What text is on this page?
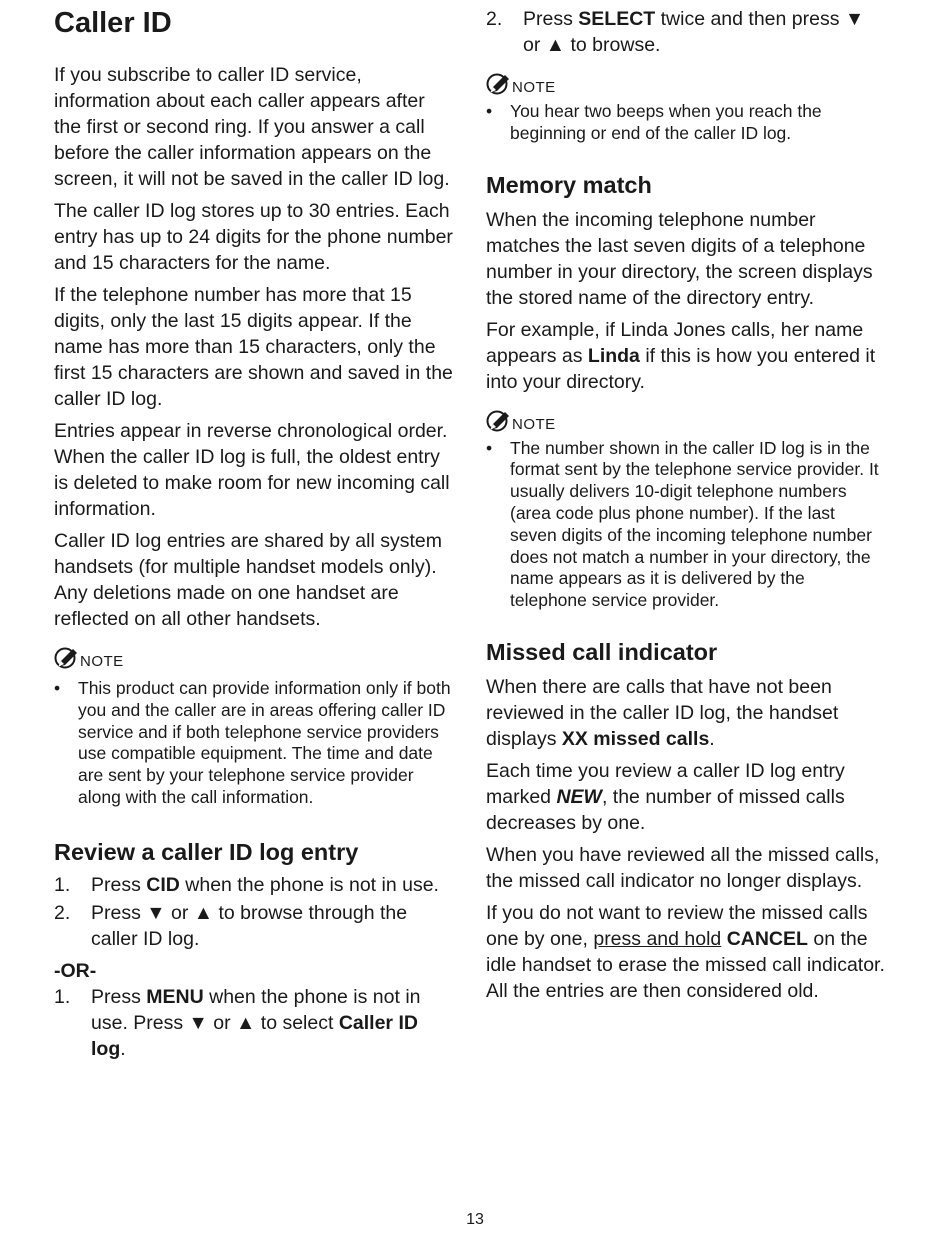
Caller ID

If you subscribe to caller ID service, information about each caller appears after the first or second ring. If you answer a call before the caller information appears on the screen, it will not be saved in the caller ID log.

The caller ID log stores up to 30 entries. Each entry has up to 24 digits for the phone number and 15 characters for the name.

If the telephone number has more that 15 digits, only the last 15 digits appear. If the name has more than 15 characters, only the first 15 characters are shown and saved in the caller ID log.

Entries appear in reverse chronological order. When the caller ID log is full, the oldest entry is deleted to make room for new incoming call information.

Caller ID log entries are shared by all system handsets (for multiple handset models only). Any deletions made on one handset are reflected on all other handsets.

NOTE
•	This product can provide information only if both you and the caller are in areas offering caller ID service and if both telephone service providers use compatible equipment. The time and date are sent by your telephone service provider along with the call information.
Review a caller ID log entry
1.	Press CID when the phone is not in use.
2.	Press ▼ or ▲ to browse through the caller ID log.
-OR-
1.	Press MENU when the phone is not in use. Press ▼ or ▲ to select Caller ID log.
2.	Press SELECT twice and then press ▼ or ▲ to browse.
NOTE
•	You hear two beeps when you reach the beginning or end of the caller ID log.
Memory match

When the incoming telephone number matches the last seven digits of a telephone number in your directory, the screen displays the stored name of the directory entry.

For example, if Linda Jones calls, her name appears as Linda if this is how you entered it into your directory.

NOTE
•	The number shown in the caller ID log is in the format sent by the telephone service provider. It usually delivers 10-digit telephone numbers (area code plus phone number). If the last seven digits of the incoming telephone number does not match a number in your directory, the name appears as it is delivered by the telephone service provider.
Missed call indicator

When there are calls that have not been reviewed in the caller ID log, the handset displays XX missed calls.

Each time you review a caller ID log entry marked NEW, the number of missed calls decreases by one.

When you have reviewed all the missed calls, the missed call indicator no longer displays.

If you do not want to review the missed calls one by one, press and hold CANCEL on the idle handset to erase the missed call indicator. All the entries are then considered old.

13
